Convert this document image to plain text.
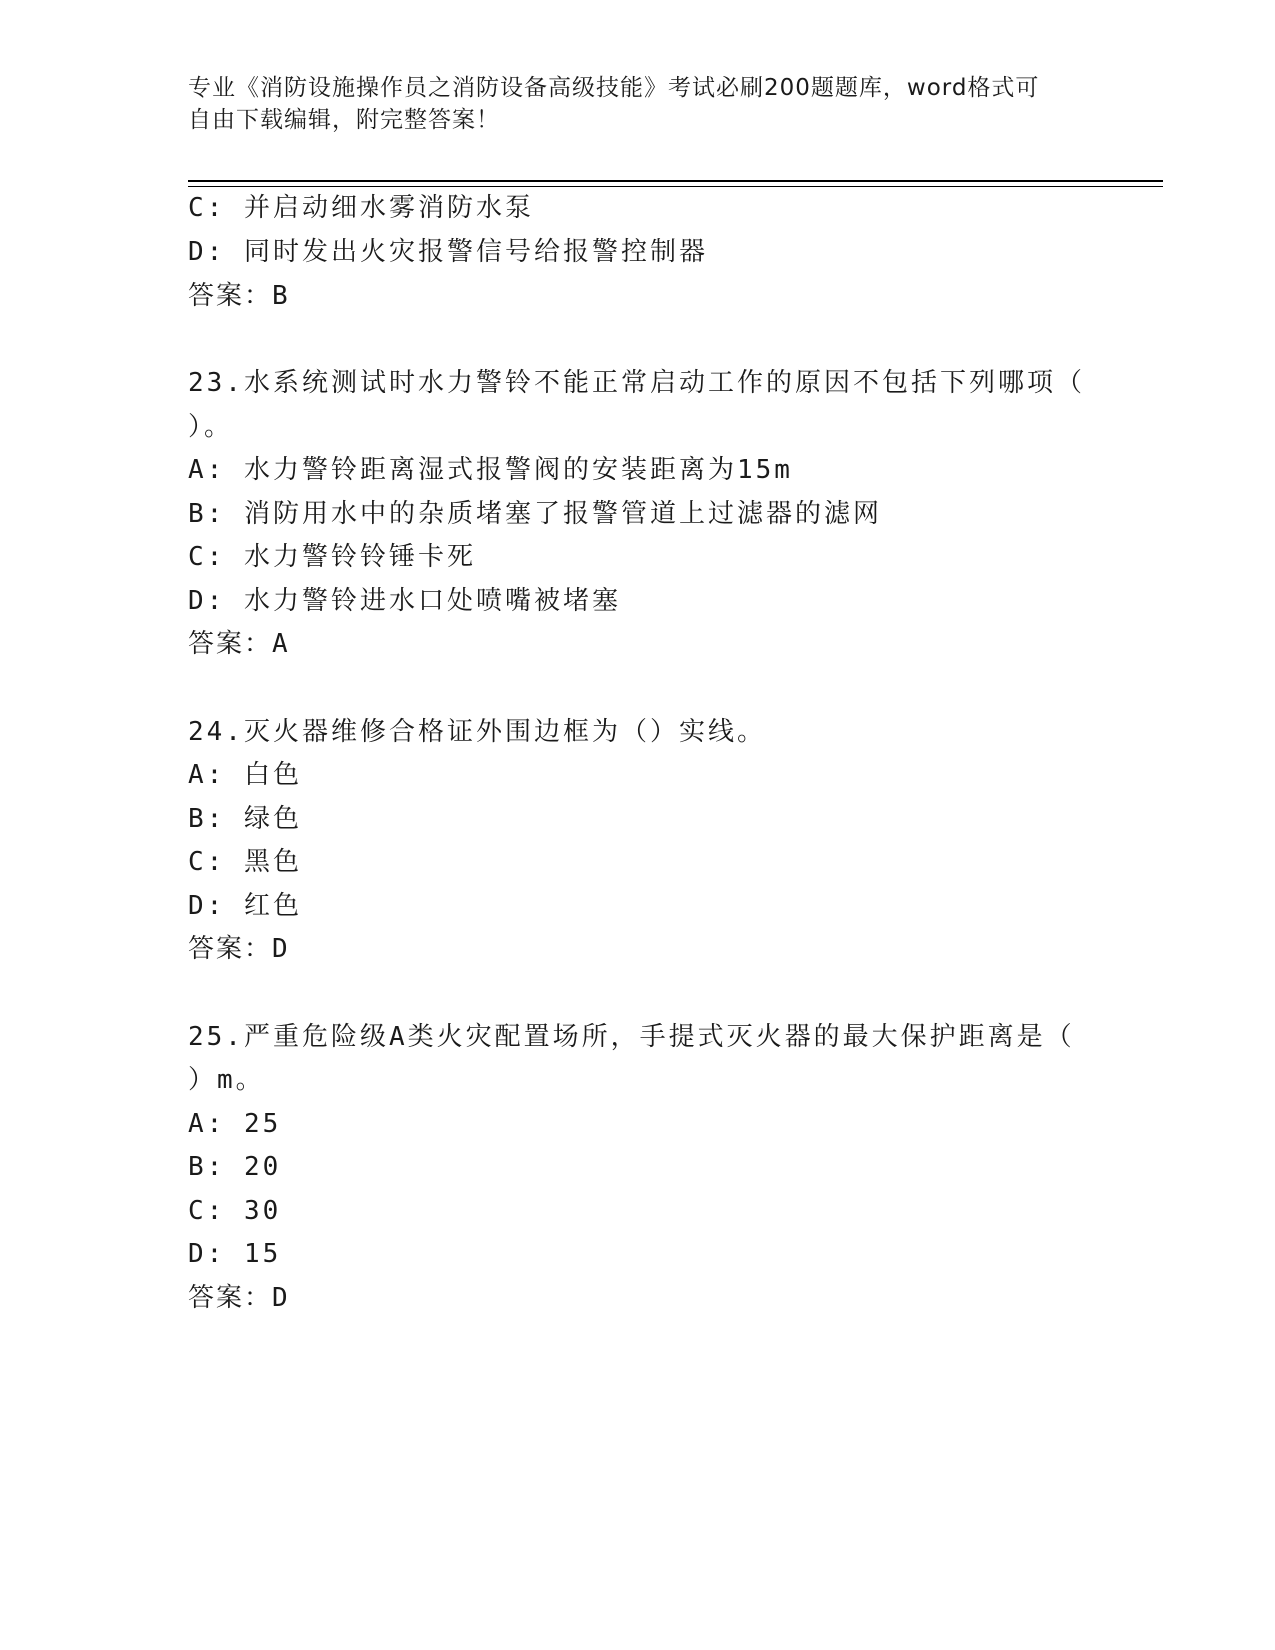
专业《消防设施操作员之消防设备高级技能》考试必刷200题题库，word格式可
自由下载编辑，附完整答案！
C: 并启动细水雾消防水泵
D: 同时发出火灾报警信号给报警控制器
答案：B
23.水系统测试时水力警铃不能正常启动工作的原因不包括下列哪项（
）。
A: 水力警铃距离湿式报警阀的安装距离为15m
B: 消防用水中的杂质堵塞了报警管道上过滤器的滤网
C: 水力警铃铃锤卡死
D: 水力警铃进水口处喷嘴被堵塞
答案：A
24.灭火器维修合格证外围边框为（）实线。
A: 白色
B: 绿色
C: 黑色
D: 红色
答案：D
25.严重危险级A类火灾配置场所，手提式灭火器的最大保护距离是（
）m。
A: 25
B: 20
C: 30
D: 15
答案：D
